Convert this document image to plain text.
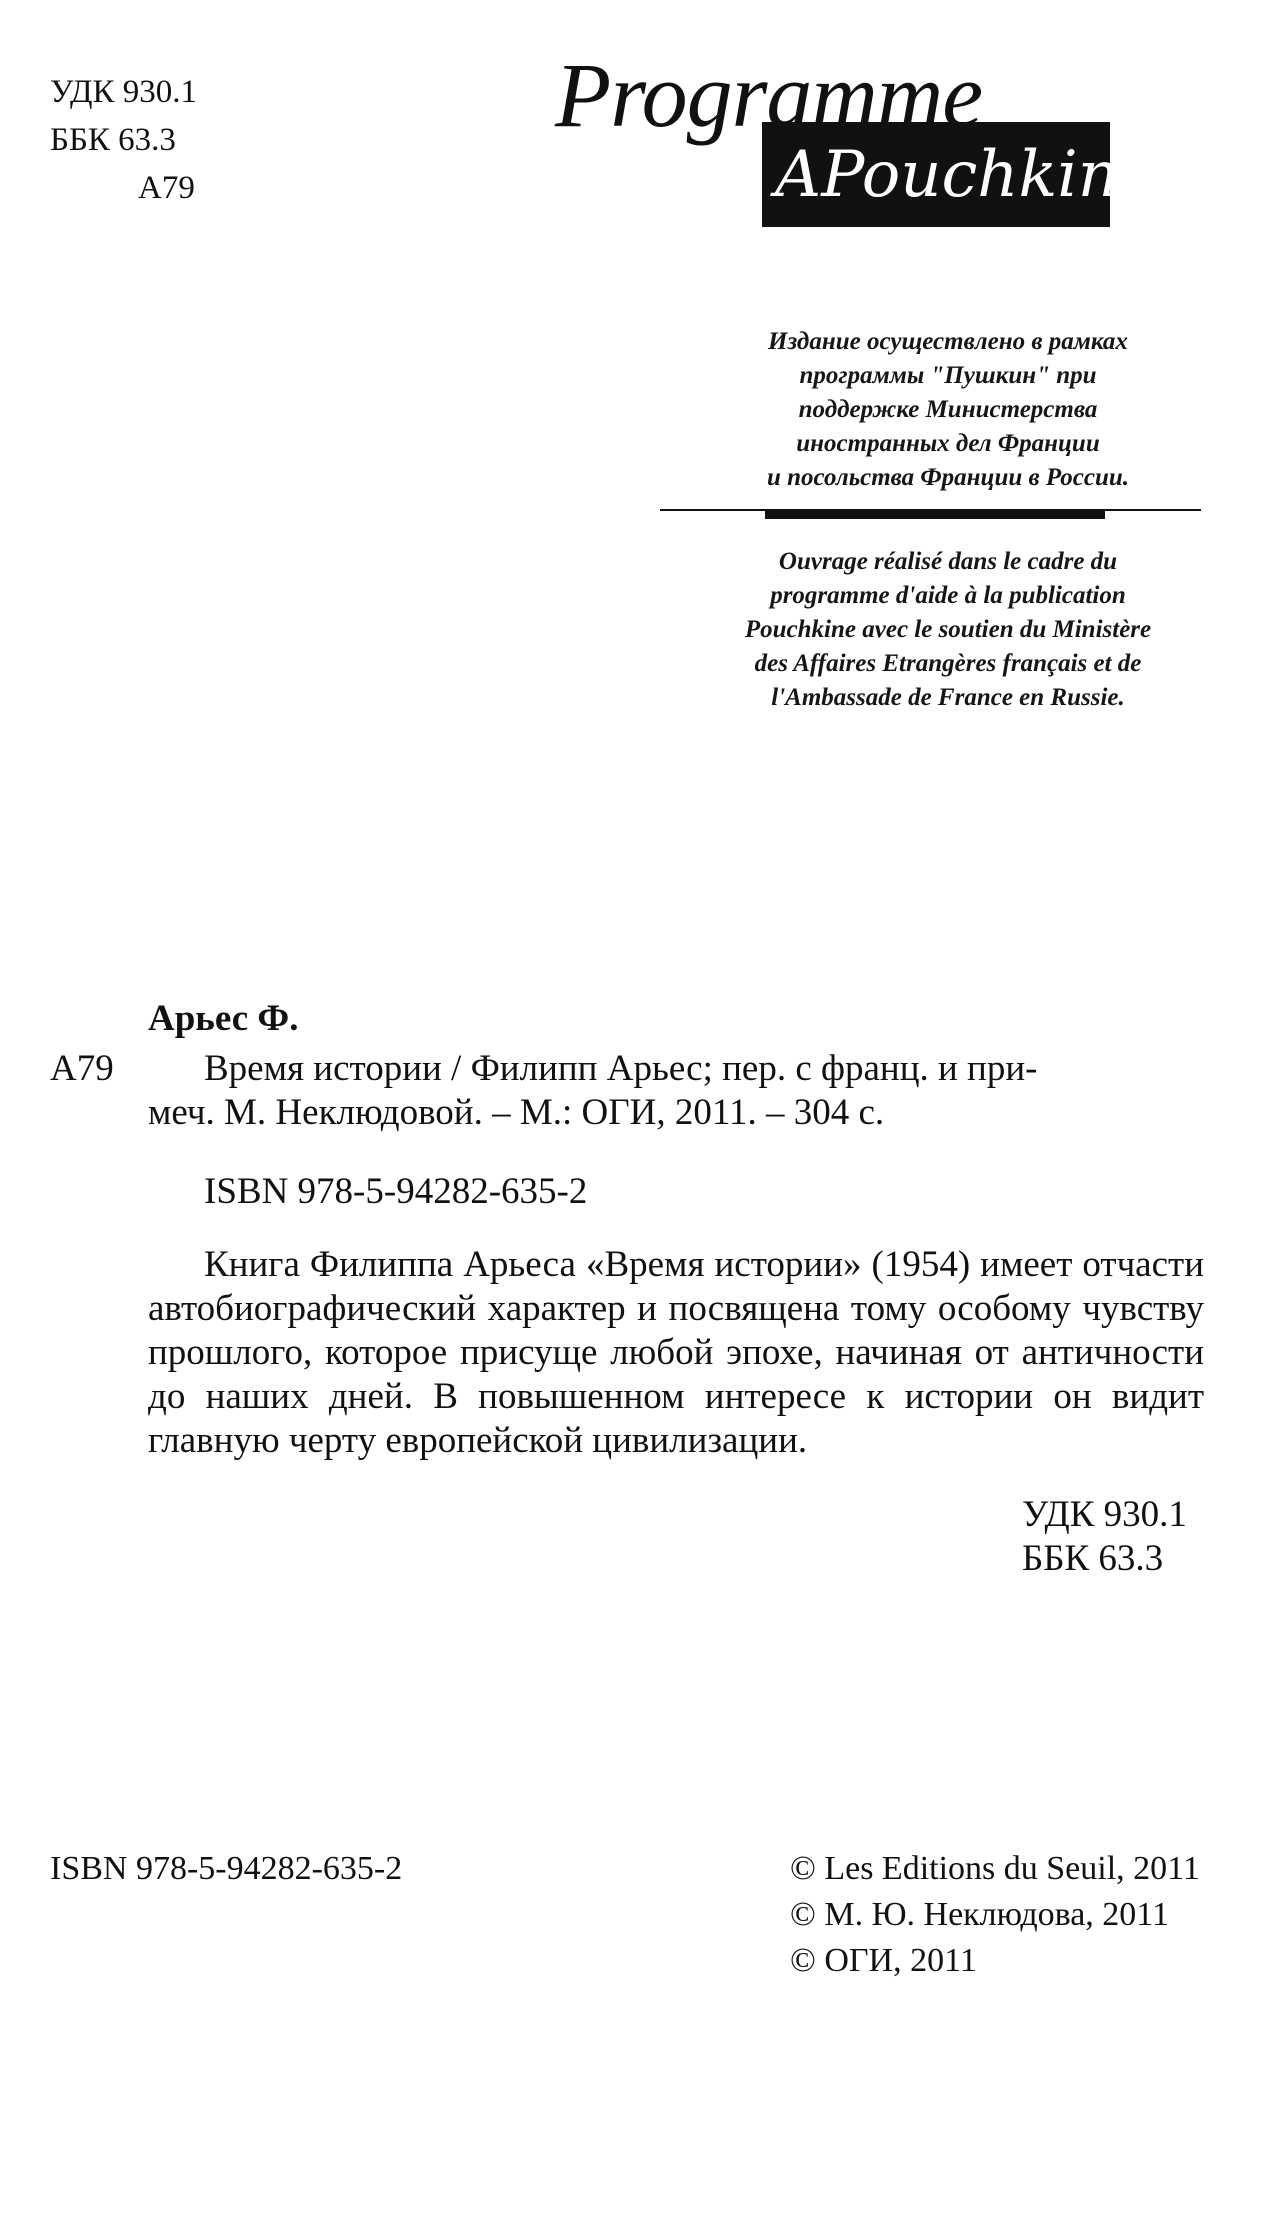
УДК 930.1
ББК 63.3
А79	APouchkine
Programme
Издание осуществлено в рамках
программы "Пушкин" при
поддержке Министерства
иностранных дел Франции
и посольства Франции в России.
Ouvrage réalisé dans le cadre du
programme d'aide à la publication
Pouchkine avec le soutien du Ministère
des Affaires Etrangères français et de
l'Ambassade de France en Russie.
Арьес Ф.
А79 Время истории / Филипп Арьес; пер. с франц. и при-
меч. М. Неклюдовой. – М.: ОГИ, 2011. – 304 с.
ISBN 978-5-94282-635-2
Книга Филиппа Арьеса «Время истории» (1954) имеет отчасти автобиографический характер и посвящена тому особому чувству прошлого, которое присуще любой эпохе, начиная от античности до наших дней. В повышенном интересе к истории он видит главную черту европейской цивилизации.
УДК 930.1
ББК 63.3
ISBN 978-5-94282-635-2	© Les Editions du Seuil, 2011
© М. Ю. Неклюдова, 2011
© ОГИ, 2011
